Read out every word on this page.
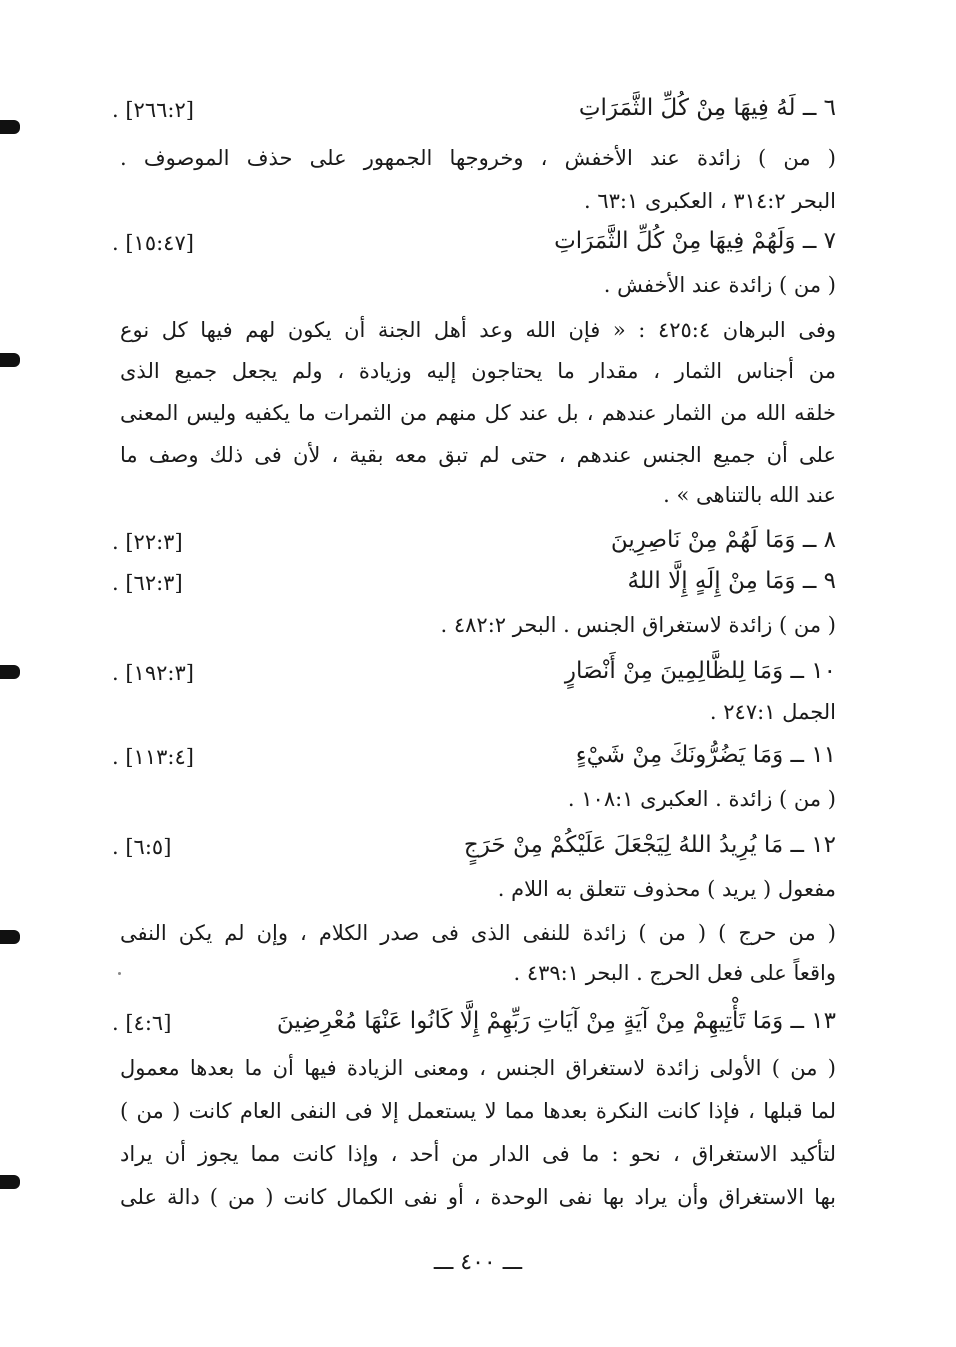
٦ ــ لَهُ فِيهَا مِنْ كُلِّ الثَّمَرَاتِ
[٢٦٦:٢] .
( من ) زائدة عند الأخفش ، وخروجها الجمهور على حذف الموصوف .
البحر ٣١٤:٢ ، العكبرى ٦٣:١ .
٧ ــ وَلَهُمْ فِيهَا مِنْ كُلِّ الثَّمَرَاتِ
[١٥:٤٧] .
( من ) زائدة عند الأخفش .
وفى البرهان ٤٢٥:٤ : « فإن الله وعد أهل الجنة أن يكون لهم فيها كل نوع
من أجناس الثمار ، مقدار ما يحتاجون إليه وزيادة ، ولم يجعل جميع الذى
خلقه الله من الثمار عندهم ، بل عند كل منهم من الثمرات ما يكفيه وليس المعنى
على أن جميع الجنس عندهم ، حتى لم تبق معه بقية ، لأن فى ذلك وصف ما
عند الله بالتناهى » .
٨ ــ وَمَا لَهُمْ مِنْ نَاصِرِينَ
[٢٢:٣] .
٩ ــ وَمَا مِنْ إِلَهٍ إِلَّا اللهُ
[٦٢:٣] .
( من ) زائدة لاستغراق الجنس . البحر ٤٨٢:٢ .
١٠ ــ وَمَا لِلظَّالِمِينَ مِنْ أَنْصَارٍ
[١٩٢:٣] .
الجمل ٢٤٧:١ .
١١ ــ وَمَا يَضُرُّونَكَ مِنْ شَيْءٍ
[١١٣:٤] .
( من ) زائدة . العكبرى ١٠٨:١ .
١٢ ــ مَا يُرِيدُ اللهُ لِيَجْعَلَ عَلَيْكُمْ مِنْ حَرَجٍ
[٦:٥] .
مفعول ( يريد ) محذوف تتعلق به اللام .
( من حرج ) ( من ) زائدة للنفى الذى فى صدر الكلام ، وإن لم يكن النفى
واقعاً على فعل الحرج . البحر ٤٣٩:١ .
١٣ ــ وَمَا تَأْتِيهِمْ مِنْ آيَةٍ مِنْ آيَاتِ رَبِّهِمْ إِلَّا كَانُوا عَنْهَا مُعْرِضِينَ
[٤:٦] .
( من ) الأولى زائدة لاستغراق الجنس ، ومعنى الزيادة فيها أن ما بعدها معمول
لما قبلها ، فإذا كانت النكرة بعدها مما لا يستعمل إلا فى النفى العام كانت ( من )
لتأكيد الاستغراق ، نحو : ما فى الدار من أحد ، وإذا كانت مما يجوز أن يراد
بها الاستغراق وأن يراد بها نفى الوحدة ، أو نفى الكمال كانت ( من ) دالة على
ـــ ٤٠٠ ـــ
